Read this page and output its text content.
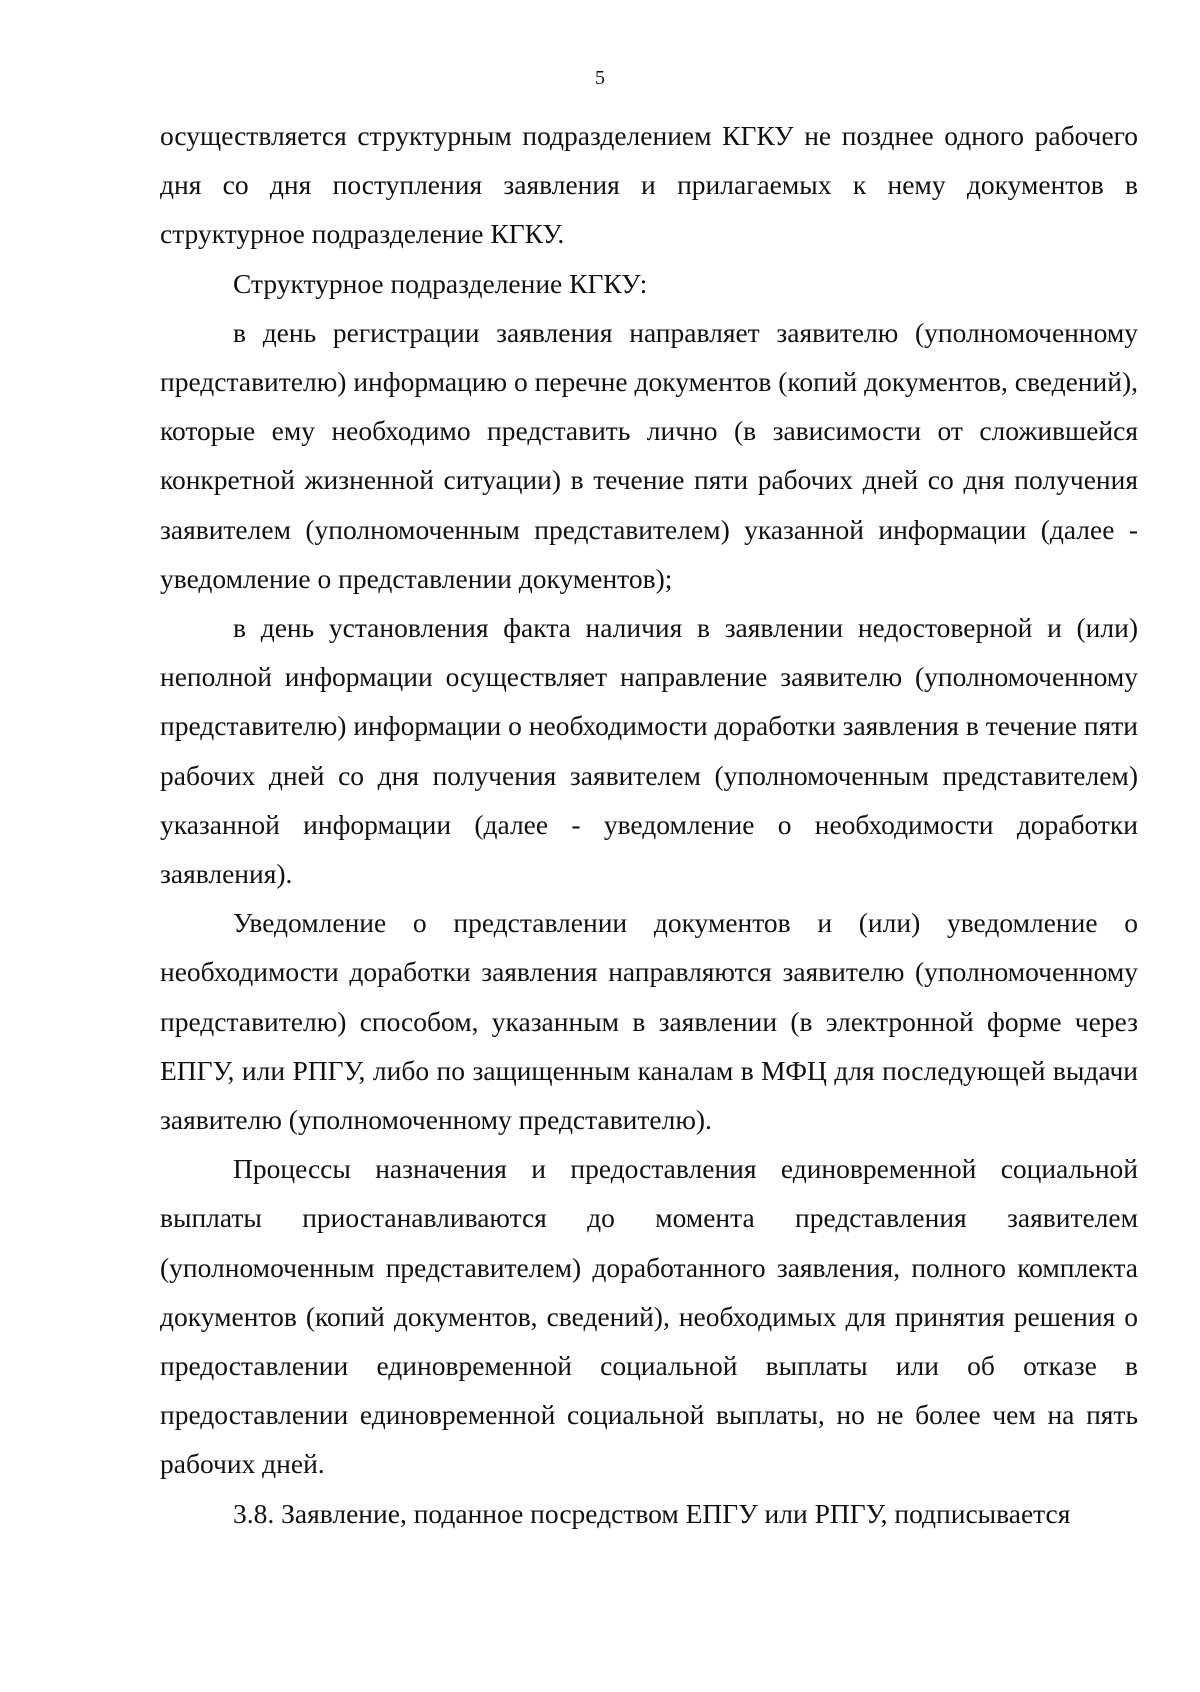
5

осуществляется структурным подразделением КГКУ не позднее одного рабочего дня со дня поступления заявления и прилагаемых к нему документов в структурное подразделение КГКУ.

Структурное подразделение КГКУ:

в день регистрации заявления направляет заявителю (уполномоченному представителю) информацию о перечне документов (копий документов, сведений), которые ему необходимо представить лично (в зависимости от сложившейся конкретной жизненной ситуации) в течение пяти рабочих дней со дня получения заявителем (уполномоченным представителем) указанной информации (далее - уведомление о представлении документов);

в день установления факта наличия в заявлении недостоверной и (или) неполной информации осуществляет направление заявителю (уполномоченному представителю) информации о необходимости доработки заявления в течение пяти рабочих дней со дня получения заявителем (уполномоченным представителем) указанной информации (далее - уведомление о необходимости доработки заявления).

Уведомление о представлении документов и (или) уведомление о необходимости доработки заявления направляются заявителю (уполномоченному представителю) способом, указанным в заявлении (в электронной форме через ЕПГУ, или РПГУ, либо по защищенным каналам в МФЦ для последующей выдачи заявителю (уполномоченному представителю).

Процессы назначения и предоставления единовременной социальной выплаты приостанавливаются до момента представления заявителем (уполномоченным представителем) доработанного заявления, полного комплекта документов (копий документов, сведений), необходимых для принятия решения о предоставлении единовременной социальной выплаты или об отказе в предоставлении единовременной социальной выплаты, но не более чем на пять рабочих дней.

3.8. Заявление, поданное посредством ЕПГУ или РПГУ, подписывается
